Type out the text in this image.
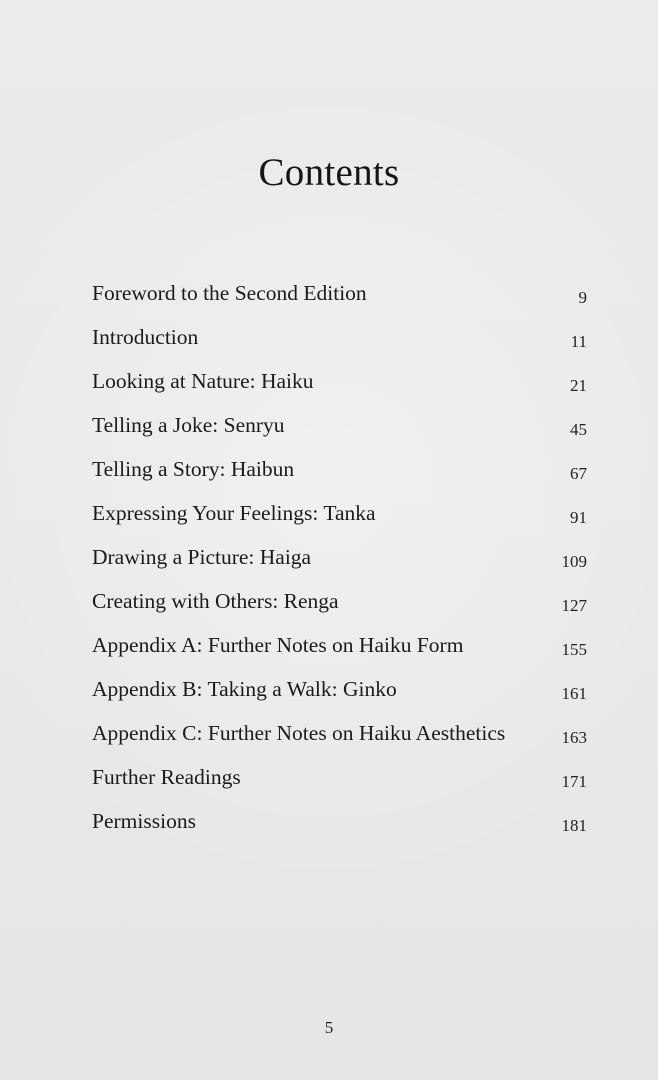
Contents
Foreword to the Second Edition	9
Introduction	11
Looking at Nature: Haiku	21
Telling a Joke: Senryu	45
Telling a Story: Haibun	67
Expressing Your Feelings: Tanka	91
Drawing a Picture: Haiga	109
Creating with Others: Renga	127
Appendix A: Further Notes on Haiku Form	155
Appendix B: Taking a Walk: Ginko	161
Appendix C: Further Notes on Haiku Aesthetics	163
Further Readings	171
Permissions	181
5
